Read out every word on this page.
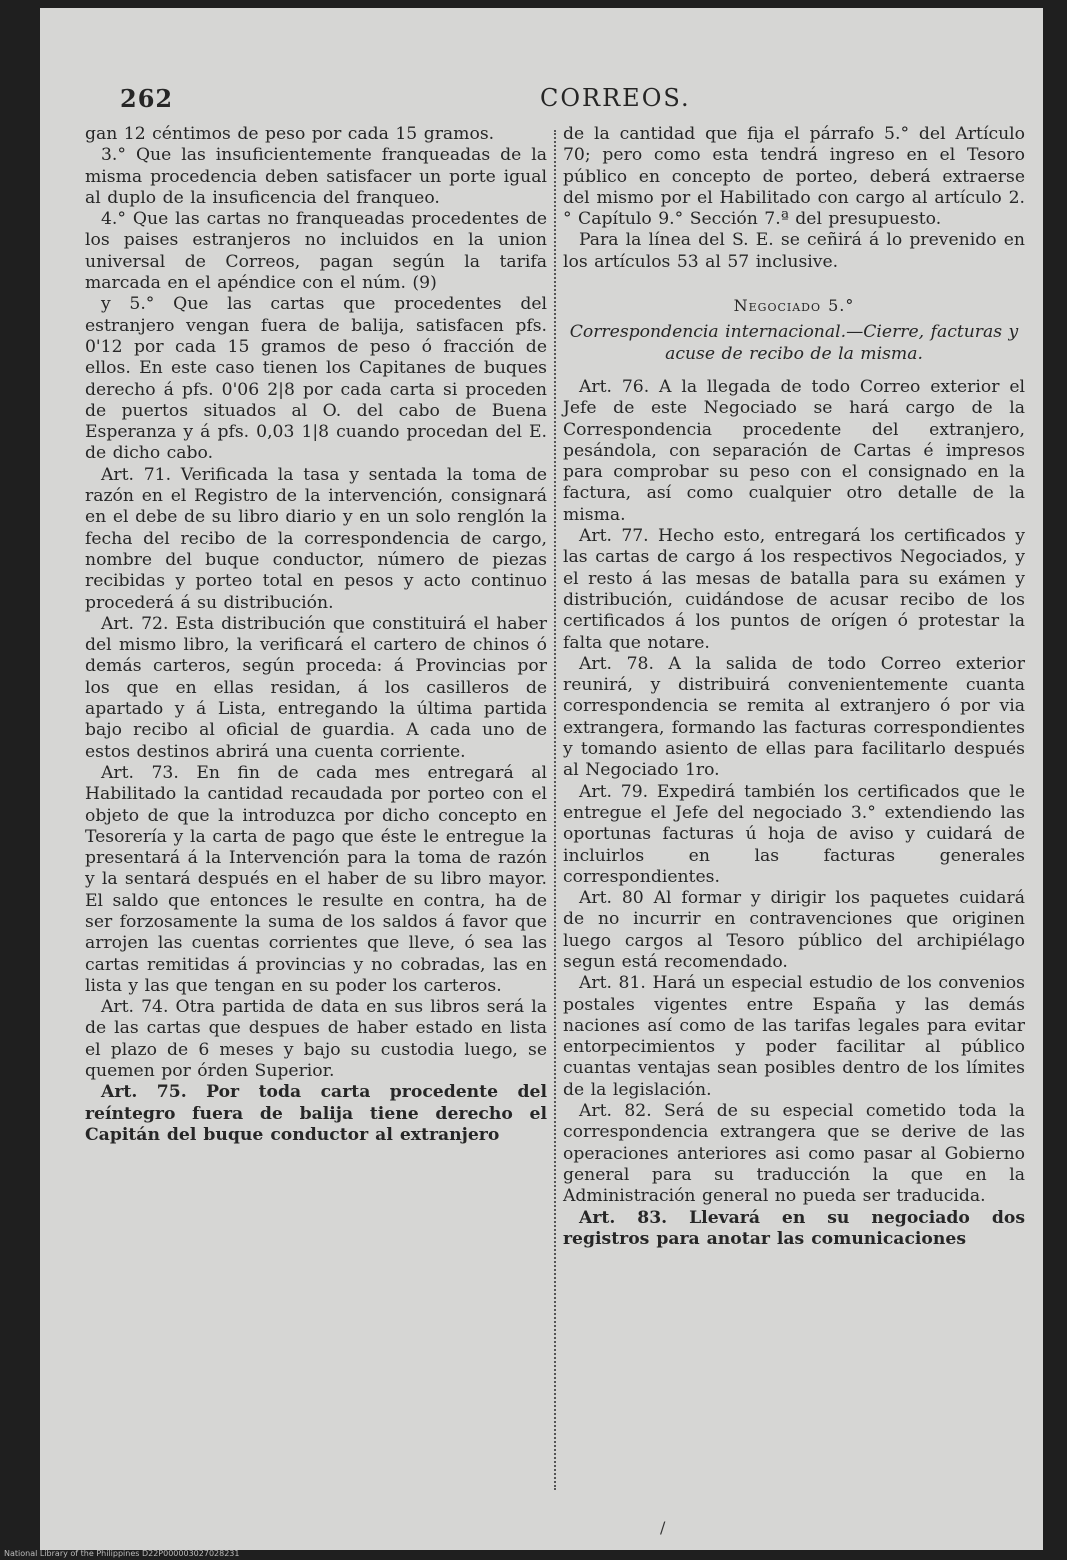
262	CORREOS.

gan 12 céntimos de peso por cada 15 gramos.

3.° Que las insuficientemente franqueadas de la misma procedencia deben satisfacer un porte igual al duplo de la insuficencia del franqueo.

4.° Que las cartas no franqueadas procedentes de los paises estranjeros no incluidos en la union universal de Correos, pagan según la tarifa marcada en el apéndice con el núm. (9)

y 5.° Que las cartas que procedentes del estranjero vengan fuera de balija, satisfacen pfs. 0'12 por cada 15 gramos de peso ó fracción de ellos. En este caso tienen los Capitanes de buques derecho á pfs. 0'06 2|8 por cada carta si proceden de puertos situados al O. del cabo de Buena Esperanza y á pfs. 0,03 1|8 cuando procedan del E. de dicho cabo.

Art. 71. Verificada la tasa y sentada la toma de razón en el Registro de la intervención, consignará en el debe de su libro diario y en un solo renglón la fecha del recibo de la correspondencia de cargo, nombre del buque conductor, número de piezas recibidas y porteo total en pesos y acto continuo procederá á su distribución.

Art. 72. Esta distribución que constituirá el haber del mismo libro, la verificará el cartero de chinos ó demás carteros, según proceda: á Provincias por los que en ellas residan, á los casilleros de apartado y á Lista, entregando la última partida bajo recibo al oficial de guardia. A cada uno de estos destinos abrirá una cuenta corriente.

Art. 73. En fin de cada mes entregará al Habilitado la cantidad recaudada por porteo con el objeto de que la introduzca por dicho concepto en Tesorería y la carta de pago que éste le entregue la presentará á la Intervención para la toma de razón y la sentará después en el haber de su libro mayor. El saldo que entonces le resulte en contra, ha de ser forzosamente la suma de los saldos á favor que arrojen las cuentas corrientes que lleve, ó sea las cartas remitidas á provincias y no cobradas, las en lista y las que tengan en su poder los carteros.

Art. 74. Otra partida de data en sus libros será la de las cartas que despues de haber estado en lista el plazo de 6 meses y bajo su custodia luego, se quemen por órden Superior.

Art. 75. Por toda carta procedente del reíntegro fuera de balija tiene derecho el Capitán del buque conductor al extranjero

de la cantidad que fija el párrafo 5.° del Artículo 70; pero como esta tendrá ingreso en el Tesoro público en concepto de porteo, deberá extraerse del mismo por el Habilitado con cargo al artículo 2.° Capítulo 9.° Sección 7.ª del presupuesto.

Para la línea del S. E. se ceñirá á lo prevenido en los artículos 53 al 57 inclusive.

Negociado 5.°
Correspondencia internacional.—Cierre, facturas y acuse de recibo de la misma.

Art. 76. A la llegada de todo Correo exterior el Jefe de este Negociado se hará cargo de la Correspondencia procedente del extranjero, pesándola, con separación de Cartas é impresos para comprobar su peso con el consignado en la factura, así como cualquier otro detalle de la misma.

Art. 77. Hecho esto, entregará los certificados y las cartas de cargo á los respectivos Negociados, y el resto á las mesas de batalla para su exámen y distribución, cuidándose de acusar recibo de los certificados á los puntos de orígen ó protestar la falta que notare.

Art. 78. A la salida de todo Correo exterior reunirá, y distribuirá convenientemente cuanta correspondencia se remita al extranjero ó por via extrangera, formando las facturas correspondientes y tomando asiento de ellas para facilitarlo después al Negociado 1ro.

Art. 79. Expedirá también los certificados que le entregue el Jefe del negociado 3.° extendiendo las oportunas facturas ú hoja de aviso y cuidará de incluirlos en las facturas generales correspondientes.

Art. 80 Al formar y dirigir los paquetes cuidará de no incurrir en contravenciones que originen luego cargos al Tesoro público del archipiélago segun está recomendado.

Art. 81. Hará un especial estudio de los convenios postales vigentes entre España y las demás naciones así como de las tarifas legales para evitar entorpecimientos y poder facilitar al público cuantas ventajas sean posibles dentro de los límites de la legislación.

Art. 82. Será de su especial cometido toda la correspondencia extrangera que se derive de las operaciones anteriores asi como pasar al Gobierno general para su traducción la que en la Administración general no pueda ser traducida.

Art. 83. Llevará en su negociado dos registros para anotar las comunicaciones

/
National Library of the Philippines D22P000003027028231
